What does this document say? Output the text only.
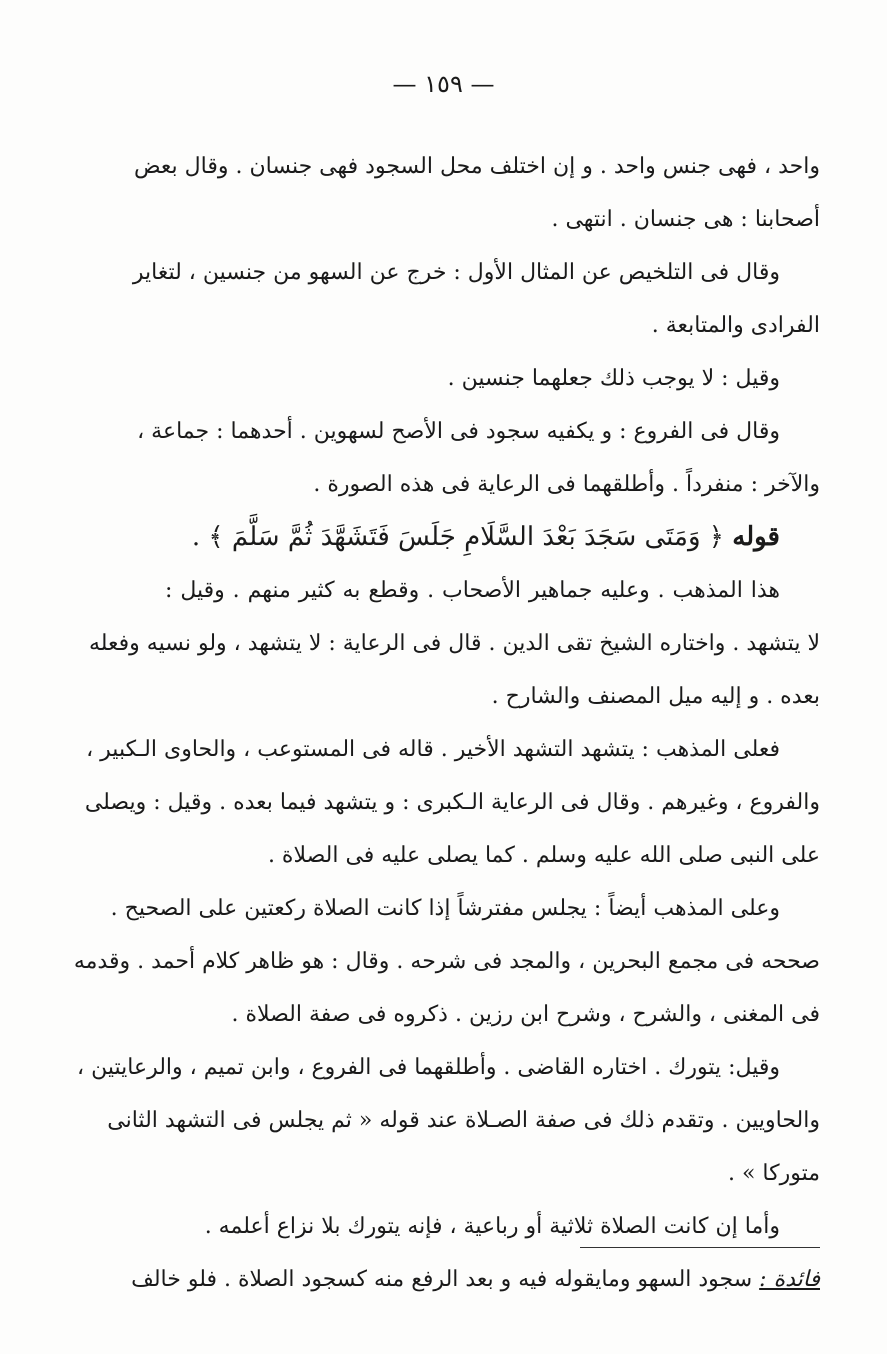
— ١٥٩ —
واحد ، فهى جنس واحد . و إن اختلف محل السجود فهى جنسان . وقال بعض
أصحابنا : هى جنسان . انتهى .
وقال فى التلخيص عن المثال الأول : خرج عن السهو من جنسين ، لتغاير
الفرادى والمتابعة .
وقيل : لا يوجب ذلك جعلهما جنسين .
وقال فى الفروع : و يكفيه سجود فى الأصح لسهوين . أحدهما : جماعة ،
والآخر : منفرداً . وأطلقهما فى الرعاية فى هذه الصورة .
قوله ﴿ وَمَتَى سَجَدَ بَعْدَ السَّلَامِ جَلَسَ فَتَشَهَّدَ ثُمَّ سَلَّمَ ﴾ .
هذا المذهب . وعليه جماهير الأصحاب . وقطع به كثير منهم . وقيل :
لا يتشهد . واختاره الشيخ تقى الدين . قال فى الرعاية : لا يتشهد ، ولو نسيه وفعله
بعده . و إليه ميل المصنف والشارح .
فعلى المذهب : يتشهد التشهد الأخير . قاله فى المستوعب ، والحاوى الـكبير ،
والفروع ، وغيرهم . وقال فى الرعاية الـكبرى : و يتشهد فيما بعده . وقيل : ويصلى
على النبى صلى الله عليه وسلم . كما يصلى عليه فى الصلاة .
وعلى المذهب أيضاً : يجلس مفترشاً إذا كانت الصلاة ركعتين على الصحيح .
صححه فى مجمع البحرين ، والمجد فى شرحه . وقال : هو ظاهر كلام أحمد . وقدمه
فى المغنى ، والشرح ، وشرح ابن رزين . ذكروه فى صفة الصلاة .
وقيل: يتورك . اختاره القاضى . وأطلقهما فى الفروع ، وابن تميم ، والرعايتين ،
والحاويين . وتقدم ذلك فى صفة الصـلاة عند قوله « ثم يجلس فى التشهد الثانى
متوركا » .
وأما إن كانت الصلاة ثلاثية أو رباعية ، فإنه يتورك بلا نزاع أعلمه .
فائدة : سجود السهو ومايقوله فيه و بعد الرفع منه كسجود الصلاة . فلو خالف
